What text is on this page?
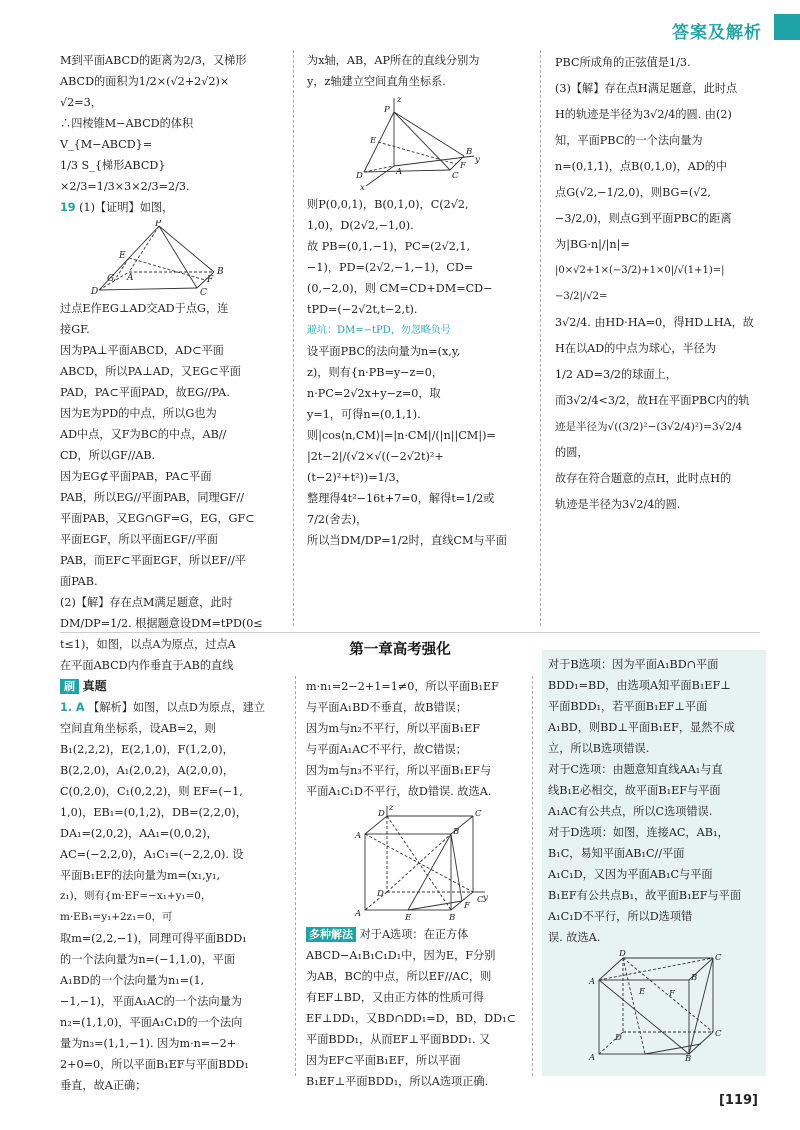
答案及解析

M到平面ABCD的距离为2/3，又梯形

ABCD的面积为1/2×(√2+2√2)×

√2=3，

∴四棱锥M−ABCD的体积V_{M−ABCD}=

1/3 S_{梯形ABCD}×2/3=1/3×3×2/3=2/3.

19 (1)【证明】如图，

P
E
D
G
B
C
F
A

过点E作EG⊥AD交AD于点G，连

接GF.

因为PA⊥平面ABCD，AD⊂平面

ABCD，所以PA⊥AD，又EG⊂平面

PAD，PA⊂平面PAD，故EG//PA.

因为E为PD的中点，所以G也为

AD中点，又F为BC的中点，AB//

CD，所以GF//AB.

因为EG⊄平面PAB，PA⊂平面

PAB，所以EG//平面PAB，同理GF//

平面PAB，又EG∩GF=G，EG，GF⊂

平面EGF，所以平面EGF//平面

PAB，而EF⊂平面EGF，所以EF//平

面PAB.

(2)【解】存在点M满足题意，此时

DM/DP=1/2. 根据题意设DM=tPD(0≤

t≤1)，如图，以点A为原点，过点A

在平面ABCD内作垂直于AB的直线

为x轴，AB，AP所在的直线分别为

y，z轴建立空间直角坐标系.

z
P
E
D
x
C
F
B
y
A

则P(0,0,1)，B(0,1,0)，C(2√2,

1,0)，D(2√2,−1,0).

故 PB=(0,1,−1)，PC=(2√2,1,

−1)，PD=(2√2,−1,−1)，CD=

(0,−2,0)，则 CM=CD+DM=CD−

tPD=(−2√2t,t−2,t).

避坑：DM=−tPD，勿忽略负号

设平面PBC的法向量为n=(x,y,

z)，则有{n·PB=y−z=0，n·PC=2√2x+y−z=0，取

y=1，可得n=(0,1,1).

则|cos⟨n,CM⟩|=|n·CM|/(|n||CM|)=

|2t−2|/(√2×√((−2√2t)²+(t−2)²+t²))=1/3，

整理得4t²−16t+7=0，解得t=1/2或

7/2(舍去)，

所以当DM/DP=1/2时，直线CM与平面

PBC所成角的正弦值是1/3.

(3)【解】存在点H满足题意，此时点

H的轨迹是半径为3√2/4的圆. 由(2)

知，平面PBC的一个法向量为

n=(0,1,1)，点B(0,1,0)，AD的中

点G(√2,−1/2,0)，则BG=(√2,

−3/2,0)，则点G到平面PBC的距离

为|BG·n|/|n|=

|0×√2+1×(−3/2)+1×0|/√(1+1)=|−3/2|/√2=

3√2/4. 由HD·HA=0，得HD⊥HA，故

H在以AD的中点为球心，半径为

1/2 AD=3/2的球面上，

而3√2/4<3/2，故H在平面PBC内的轨

迹是半径为√((3/2)²−(3√2/4)²)=3√2/4

的圆，

故存在符合题意的点H，此时点H的

轨迹是半径为3√2/4的圆.

第一章高考强化

刷 真题

1. A 【解析】如图，以点D为原点，建立

空间直角坐标系，设AB=2，则

B₁(2,2,2)，E(2,1,0)，F(1,2,0)，

B(2,2,0)，A₁(2,0,2)，A(2,0,0)，

C(0,2,0)，C₁(0,2,2)，则 EF=(−1,

1,0)，EB₁=(0,1,2)，DB=(2,2,0)，

DA₁=(2,0,2)，AA₁=(0,0,2)，

AC=(−2,2,0)，A₁C₁=(−2,2,0). 设

平面B₁EF的法向量为m=(x₁,y₁,

z₁)，则有{m·EF=−x₁+y₁=0，m·EB₁=y₁+2z₁=0，可

取m=(2,2,−1)，同理可得平面BDD₁

的一个法向量为n=(−1,1,0)，平面

A₁BD的一个法向量为n₁=(1,

−1,−1)，平面A₁AC的一个法向量为

n₂=(1,1,0)，平面A₁C₁D的一个法向

量为n₃=(1,1,−1). 因为m·n=−2+

2+0=0，所以平面B₁EF与平面BDD₁

垂直，故A正确；

m·n₁=2−2+1=1≠0，所以平面B₁EF

与平面A₁BD不垂直，故B错误；

因为m与n₂不平行，所以平面B₁EF

与平面A₁AC不平行，故C错误；

因为m与n₃不平行，所以平面B₁EF与

平面A₁C₁D不平行，故D错误. 故选A.

z
D	C
A	B
D
A	E	B
F
C y

多种解法 对于A选项：在正方体

ABCD−A₁B₁C₁D₁中，因为E，F分别

为AB，BC的中点，所以EF//AC，则

有EF⊥BD，又由正方体的性质可得

EF⊥DD₁，又BD∩DD₁=D，BD，DD₁⊂

平面BDD₁，从而EF⊥平面BDD₁. 又

因为EF⊂平面B₁EF，所以平面

B₁EF⊥平面BDD₁，所以A选项正确.

对于B选项：因为平面A₁BD∩平面

BDD₁=BD，由选项A知平面B₁EF⊥

平面BDD₁，若平面B₁EF⊥平面

A₁BD，则BD⊥平面B₁EF，显然不成

立，所以B选项错误.

对于C选项：由题意知直线AA₁与直

线B₁E必相交，故平面B₁EF与平面

A₁AC有公共点，所以C选项错误.

对于D选项：如图，连接AC，AB₁，

B₁C，易知平面AB₁C//平面

A₁C₁D，又因为平面AB₁C与平面

B₁EF有公共点B₁，故平面B₁EF与平面

A₁C₁D不平行，所以D选项错

误. 故选A.

D	C
A	B
E	F
D	C
A	B
[119]
